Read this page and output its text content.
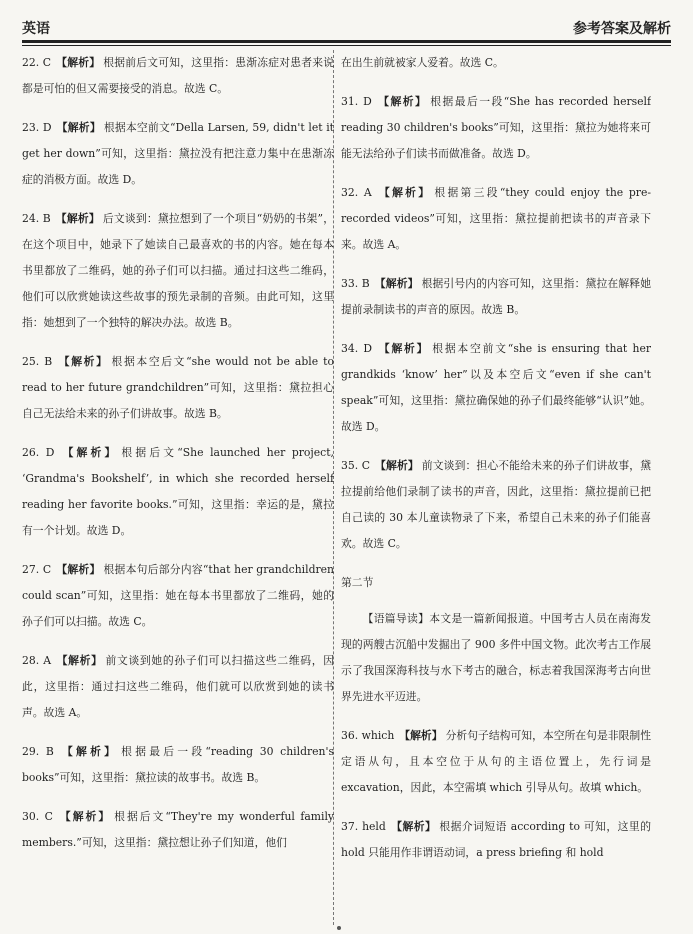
英语	参考答案及解析
22. C 【解析】 根据前后文可知，这里指：患渐冻症对患者来说都是可怕的但又需要接受的消息。故选 C。
23. D 【解析】 根据本空前文“Della Larsen, 59, didn't let it get her down”可知，这里指：黛拉没有把注意力集中在患渐冻症的消极方面。故选 D。
24. B 【解析】 后文谈到：黛拉想到了一个项目“奶奶的书架”，在这个项目中，她录下了她读自己最喜欢的书的内容。她在每本书里都放了二维码，她的孙子们可以扫描。通过扫这些二维码，他们可以欣赏她读这些故事的预先录制的音频。由此可知，这里指：她想到了一个独特的解决办法。故选 B。
25. B 【解析】 根据本空后文“she would not be able to read to her future grandchildren”可知，这里指：黛拉担心自己无法给未来的孙子们讲故事。故选 B。
26. D 【解析】 根据后文“She launched her project, ‘Grandma's Bookshelf’, in which she recorded herself reading her favorite books.”可知，这里指：幸运的是，黛拉有一个计划。故选 D。
27. C 【解析】 根据本句后部分内容“that her grandchildren could scan”可知，这里指：她在每本书里都放了二维码，她的孙子们可以扫描。故选 C。
28. A 【解析】 前文谈到她的孙子们可以扫描这些二维码，因此，这里指：通过扫这些二维码，他们就可以欣赏到她的读书声。故选 A。
29. B 【解析】 根据最后一段“reading 30 children's books”可知，这里指：黛拉读的故事书。故选 B。
30. C 【解析】 根据后文“They're my wonderful family members.”可知，这里指：黛拉想让孙子们知道，他们
在出生前就被家人爱着。故选 C。
31. D 【解析】 根据最后一段“She has recorded herself reading 30 children's books”可知，这里指：黛拉为她将来可能无法给孙子们读书而做准备。故选 D。
32. A 【解析】 根据第三段“they could enjoy the pre-recorded videos”可知，这里指：黛拉提前把读书的声音录下来。故选 A。
33. B 【解析】 根据引号内的内容可知，这里指：黛拉在解释她提前录制读书的声音的原因。故选 B。
34. D 【解析】 根据本空前文“she is ensuring that her grandkids ‘know’ her”以及本空后文“even if she can't speak”可知，这里指：黛拉确保她的孙子们最终能够“认识”她。故选 D。
35. C 【解析】 前文谈到：担心不能给未来的孙子们讲故事，黛拉提前给他们录制了读书的声音，因此，这里指：黛拉提前已把自己读的 30 本儿童读物录了下来，希望自己未来的孙子们能喜欢。故选 C。
第二节
【语篇导读】本文是一篇新闻报道。中国考古人员在南海发现的两艘古沉船中发掘出了 900 多件中国文物。此次考古工作展示了我国深海科技与水下考古的融合，标志着我国深海考古向世界先进水平迈进。
36. which 【解析】 分析句子结构可知，本空所在句是非限制性定语从句，且本空位于从句的主语位置上，先行词是 excavation，因此，本空需填 which 引导从句。故填 which。
37. held 【解析】 根据介词短语 according to 可知，这里的 hold 只能用作非谓语动词，a press briefing 和 hold
